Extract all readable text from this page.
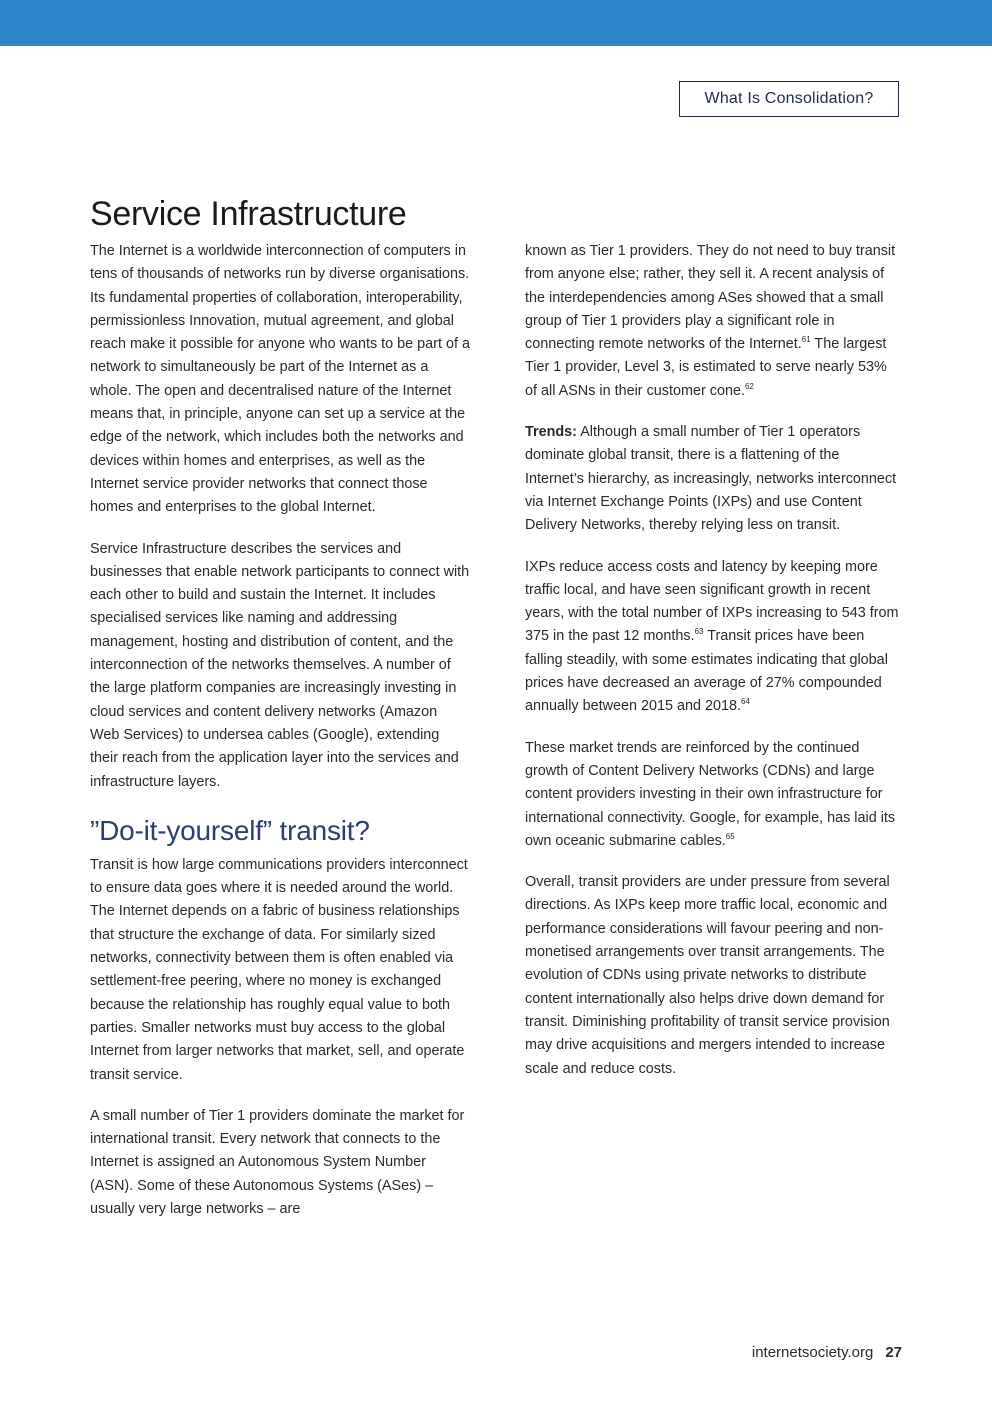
What Is Consolidation?
Service Infrastructure

The Internet is a worldwide interconnection of computers in tens of thousands of networks run by diverse organisations. Its fundamental properties of collaboration, interoperability, permissionless Innovation, mutual agreement, and global reach make it possible for anyone who wants to be part of a network to simultaneously be part of the Internet as a whole. The open and decentralised nature of the Internet means that, in principle, anyone can set up a service at the edge of the network, which includes both the networks and devices within homes and enterprises, as well as the Internet service provider networks that connect those homes and enterprises to the global Internet.

Service Infrastructure describes the services and businesses that enable network participants to connect with each other to build and sustain the Internet. It includes specialised services like naming and addressing management, hosting and distribution of content, and the interconnection of the networks themselves. A number of the large platform companies are increasingly investing in cloud services and content delivery networks (Amazon Web Services) to undersea cables (Google), extending their reach from the application layer into the services and infrastructure layers.

”Do-it-yourself” transit?

Transit is how large communications providers interconnect to ensure data goes where it is needed around the world. The Internet depends on a fabric of business relationships that structure the exchange of data. For similarly sized networks, connectivity between them is often enabled via settlement-free peering, where no money is exchanged because the relationship has roughly equal value to both parties. Smaller networks must buy access to the global Internet from larger networks that market, sell, and operate transit service.

A small number of Tier 1 providers dominate the market for international transit. Every network that connects to the Internet is assigned an Autonomous System Number (ASN). Some of these Autonomous Systems (ASes) – usually very large networks – are

known as Tier 1 providers. They do not need to buy transit from anyone else; rather, they sell it. A recent analysis of the interdependencies among ASes showed that a small group of Tier 1 providers play a significant role in connecting remote networks of the Internet.$^{61}$ The largest Tier 1 provider, Level 3, is estimated to serve nearly 53% of all ASNs in their customer cone.$^{62}$

Trends: Although a small number of Tier 1 operators dominate global transit, there is a flattening of the Internet’s hierarchy, as increasingly, networks interconnect via Internet Exchange Points (IXPs) and use Content Delivery Networks, thereby relying less on transit.

IXPs reduce access costs and latency by keeping more traffic local, and have seen significant growth in recent years, with the total number of IXPs increasing to 543 from 375 in the past 12 months.$^{63}$ Transit prices have been falling steadily, with some estimates indicating that global prices have decreased an average of 27% compounded annually between 2015 and 2018.64

These market trends are reinforced by the continued growth of Content Delivery Networks (CDNs) and large content providers investing in their own infrastructure for international connectivity. Google, for example, has laid its own oceanic submarine cables.$^{65}$

Overall, transit providers are under pressure from several directions. As IXPs keep more traffic local, economic and performance considerations will favour peering and non-monetised arrangements over transit arrangements. The evolution of CDNs using private networks to distribute content internationally also helps drive down demand for transit. Diminishing profitability of transit service provision may drive acquisitions and mergers intended to increase scale and reduce costs.

internetsociety.org 27
